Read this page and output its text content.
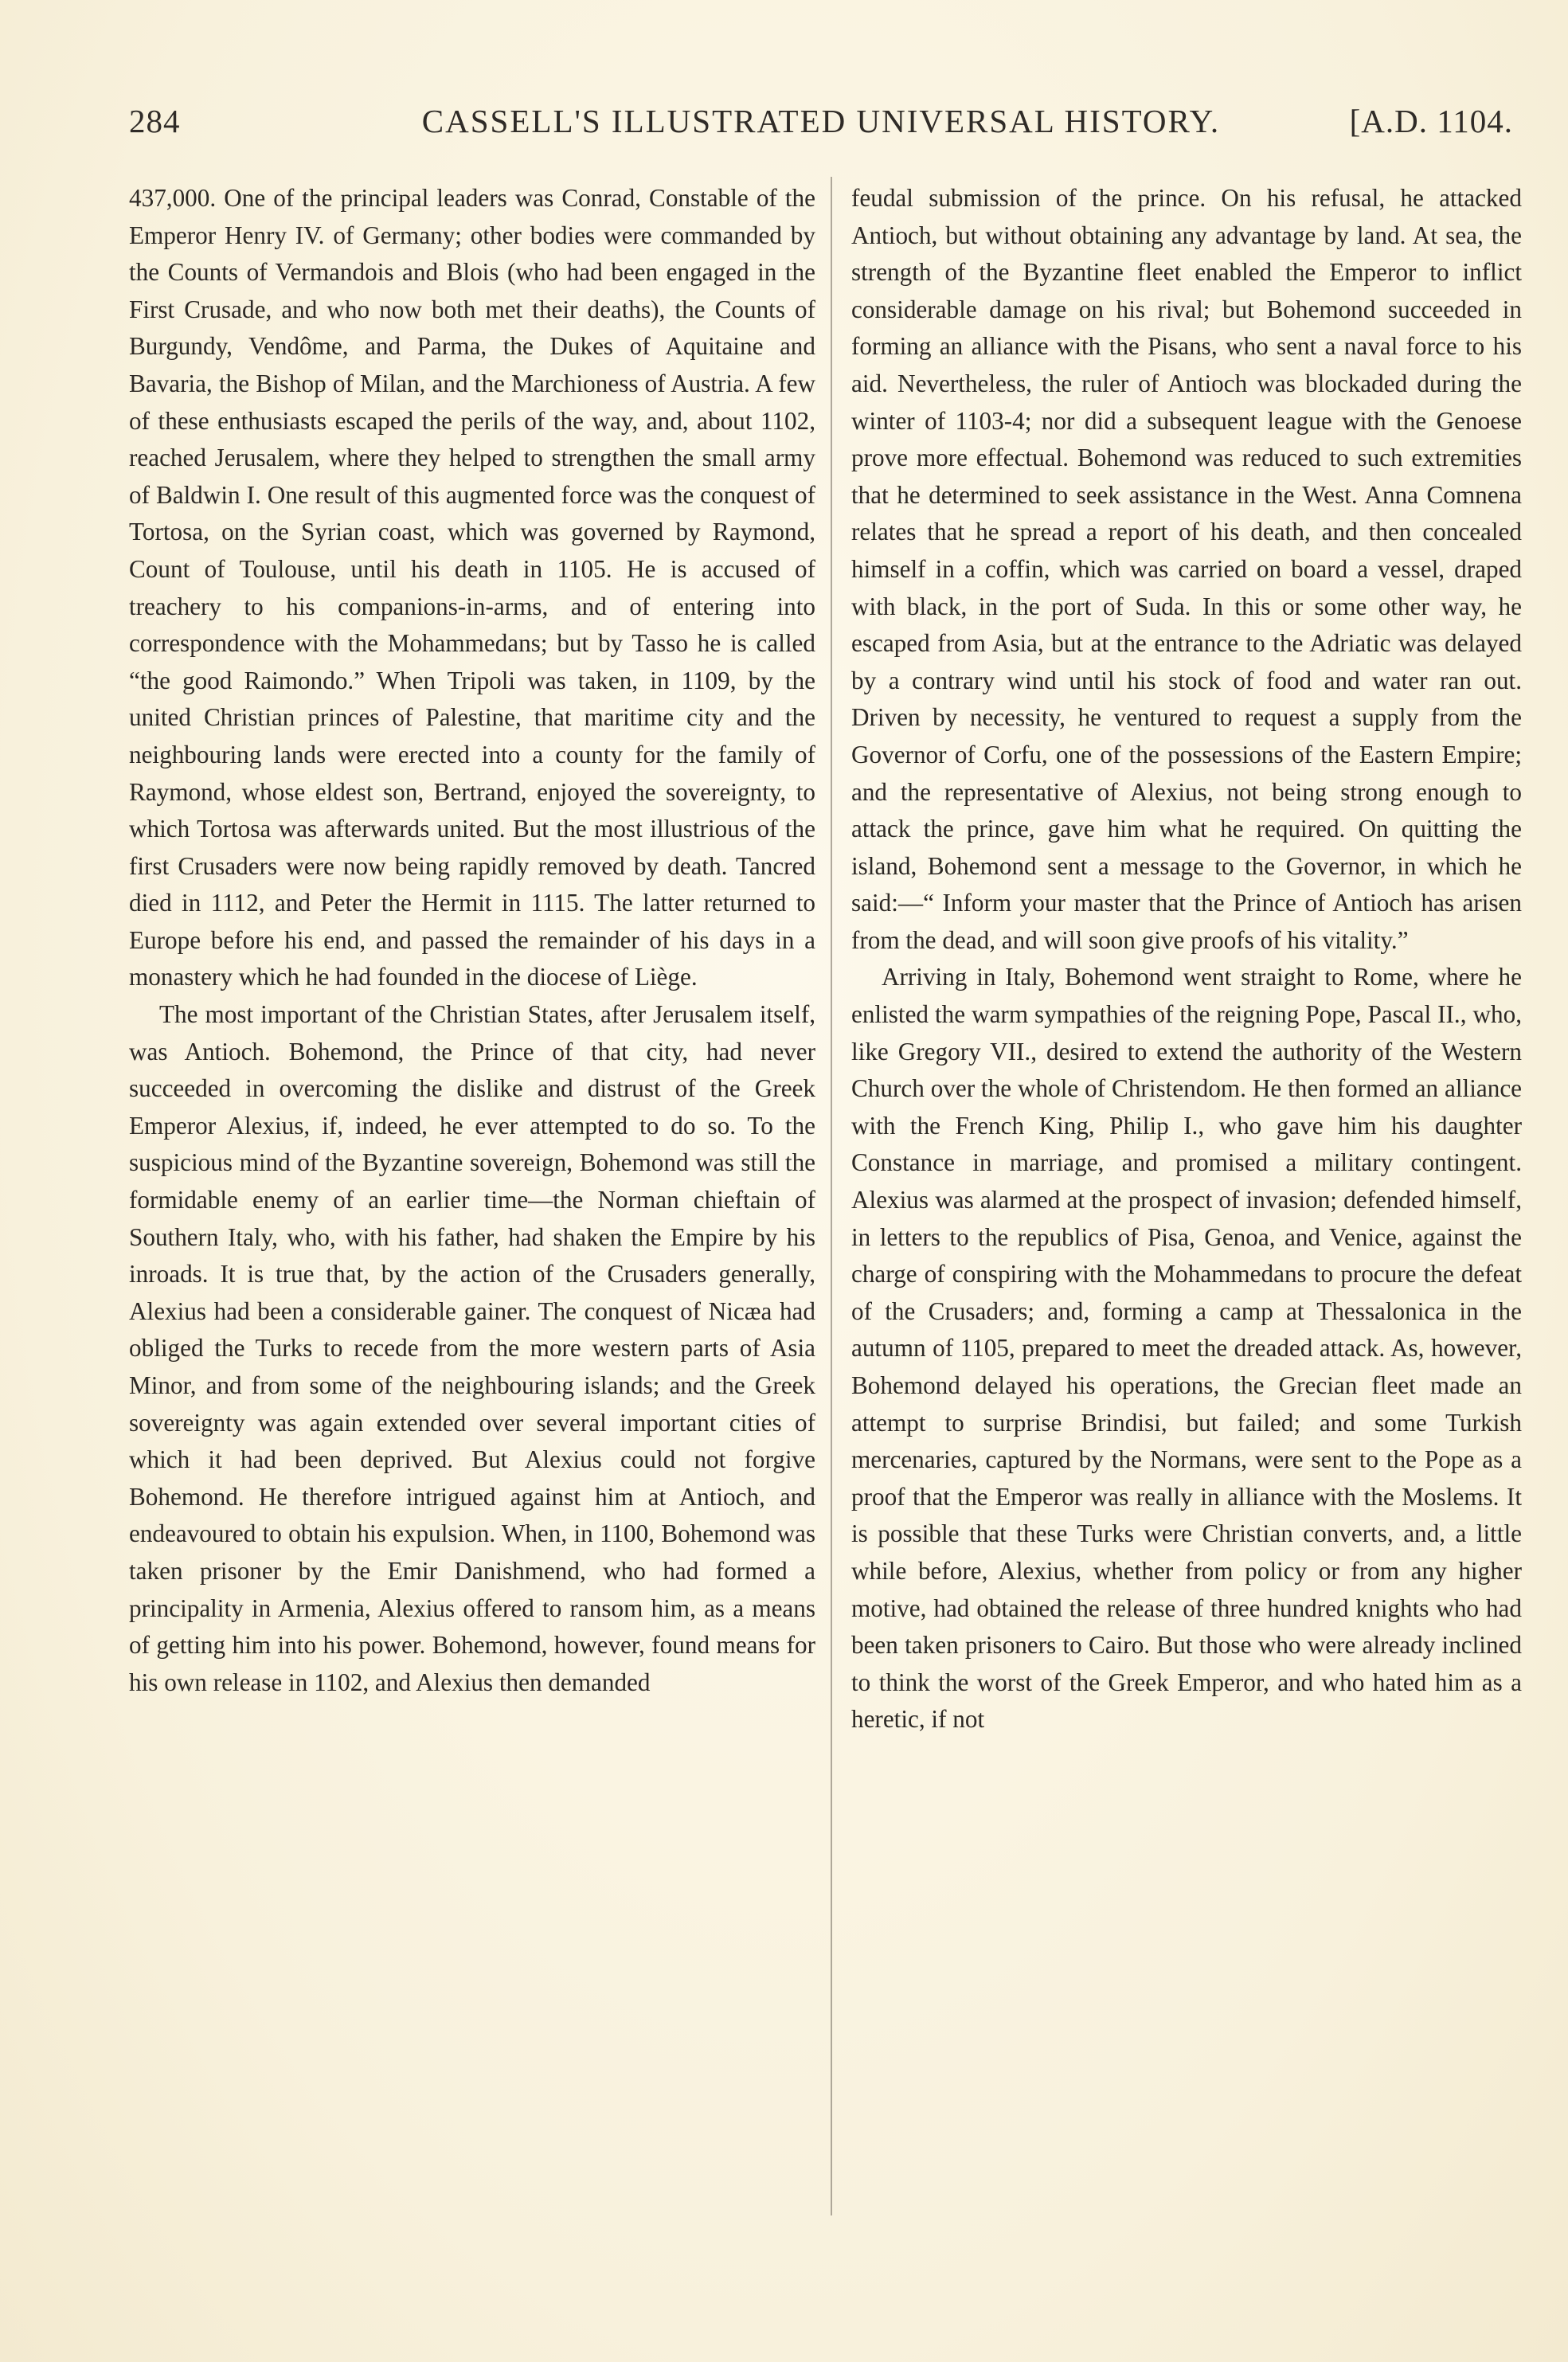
284	CASSELL'S ILLUSTRATED UNIVERSAL HISTORY.	[A.D. 1104.

437,000. One of the principal leaders was Conrad, Constable of the Emperor Henry IV. of Germany; other bodies were commanded by the Counts of Vermandois and Blois (who had been engaged in the First Crusade, and who now both met their deaths), the Counts of Burgundy, Vendôme, and Parma, the Dukes of Aquitaine and Bavaria, the Bishop of Milan, and the Marchioness of Austria. A few of these enthusiasts escaped the perils of the way, and, about 1102, reached Jerusalem, where they helped to strengthen the small army of Baldwin I. One result of this augmented force was the conquest of Tortosa, on the Syrian coast, which was governed by Raymond, Count of Toulouse, until his death in 1105. He is accused of treachery to his companions-in-arms, and of entering into correspondence with the Mohammedans; but by Tasso he is called “the good Raimondo.” When Tripoli was taken, in 1109, by the united Christian princes of Palestine, that maritime city and the neighbouring lands were erected into a county for the family of Raymond, whose eldest son, Bertrand, enjoyed the sovereignty, to which Tortosa was afterwards united. But the most illustrious of the first Crusaders were now being rapidly removed by death. Tancred died in 1112, and Peter the Hermit in 1115. The latter returned to Europe before his end, and passed the remainder of his days in a monastery which he had founded in the diocese of Liège.

The most important of the Christian States, after Jerusalem itself, was Antioch. Bohemond, the Prince of that city, had never succeeded in overcoming the dislike and distrust of the Greek Emperor Alexius, if, indeed, he ever attempted to do so. To the suspicious mind of the Byzantine sovereign, Bohemond was still the formidable enemy of an earlier time—the Norman chieftain of Southern Italy, who, with his father, had shaken the Empire by his inroads. It is true that, by the action of the Crusaders generally, Alexius had been a considerable gainer. The conquest of Nicæa had obliged the Turks to recede from the more western parts of Asia Minor, and from some of the neighbouring islands; and the Greek sovereignty was again extended over several important cities of which it had been deprived. But Alexius could not forgive Bohemond. He therefore intrigued against him at Antioch, and endeavoured to obtain his expulsion. When, in 1100, Bohemond was taken prisoner by the Emir Danishmend, who had formed a principality in Armenia, Alexius offered to ransom him, as a means of getting him into his power. Bohemond, however, found means for his own release in 1102, and Alexius then demanded

feudal submission of the prince. On his refusal, he attacked Antioch, but without obtaining any advantage by land. At sea, the strength of the Byzantine fleet enabled the Emperor to inflict considerable damage on his rival; but Bohemond succeeded in forming an alliance with the Pisans, who sent a naval force to his aid. Nevertheless, the ruler of Antioch was blockaded during the winter of 1103-4; nor did a subsequent league with the Genoese prove more effectual. Bohemond was reduced to such extremities that he determined to seek assistance in the West. Anna Comnena relates that he spread a report of his death, and then concealed himself in a coffin, which was carried on board a vessel, draped with black, in the port of Suda. In this or some other way, he escaped from Asia, but at the entrance to the Adriatic was delayed by a contrary wind until his stock of food and water ran out. Driven by necessity, he ventured to request a supply from the Governor of Corfu, one of the possessions of the Eastern Empire; and the representative of Alexius, not being strong enough to attack the prince, gave him what he required. On quitting the island, Bohemond sent a message to the Governor, in which he said:—“ Inform your master that the Prince of Antioch has arisen from the dead, and will soon give proofs of his vitality.”

Arriving in Italy, Bohemond went straight to Rome, where he enlisted the warm sympathies of the reigning Pope, Pascal II., who, like Gregory VII., desired to extend the authority of the Western Church over the whole of Christendom. He then formed an alliance with the French King, Philip I., who gave him his daughter Constance in marriage, and promised a military contingent. Alexius was alarmed at the prospect of invasion; defended himself, in letters to the republics of Pisa, Genoa, and Venice, against the charge of conspiring with the Mohammedans to procure the defeat of the Crusaders; and, forming a camp at Thessalonica in the autumn of 1105, prepared to meet the dreaded attack. As, however, Bohemond delayed his operations, the Grecian fleet made an attempt to surprise Brindisi, but failed; and some Turkish mercenaries, captured by the Normans, were sent to the Pope as a proof that the Emperor was really in alliance with the Moslems. It is possible that these Turks were Christian converts, and, a little while before, Alexius, whether from policy or from any higher motive, had obtained the release of three hundred knights who had been taken prisoners to Cairo. But those who were already inclined to think the worst of the Greek Emperor, and who hated him as a heretic, if not
